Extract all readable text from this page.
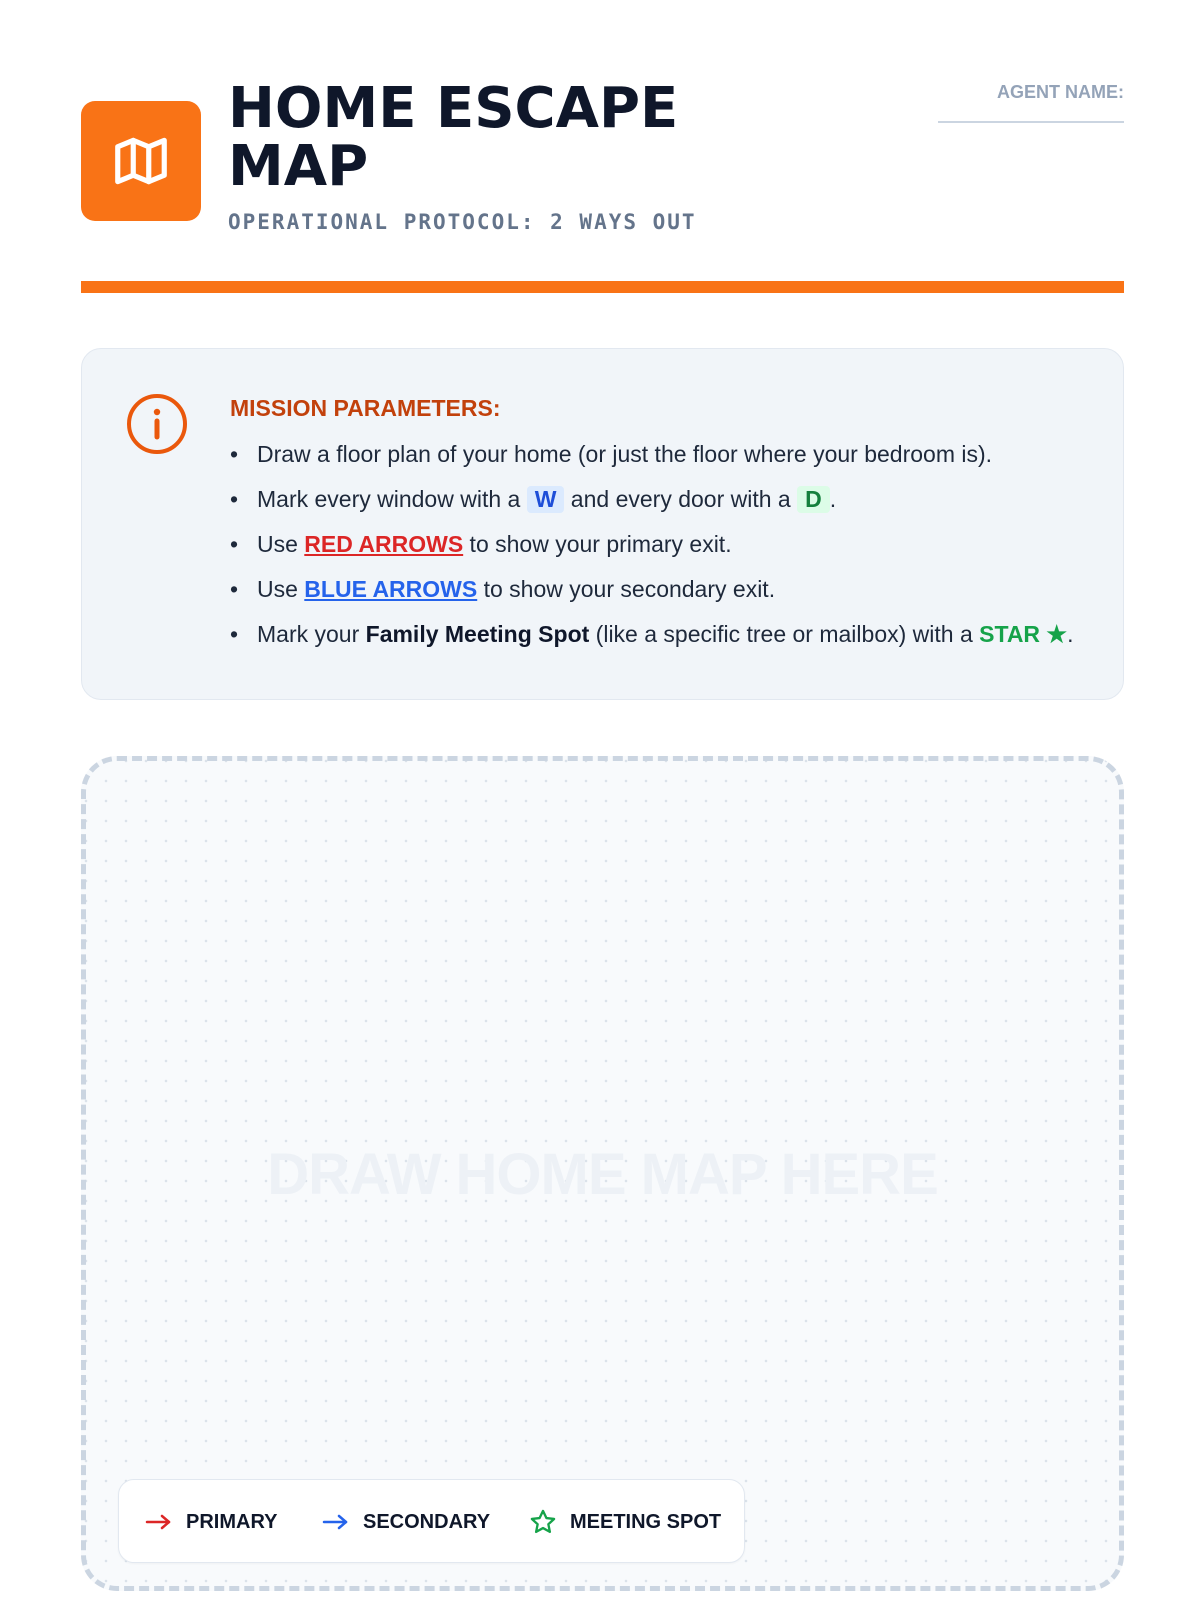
HOME ESCAPE MAP
OPERATIONAL PROTOCOL: 2 WAYS OUT
AGENT NAME:
MISSION PARAMETERS:
• Draw a floor plan of your home (or just the floor where your bedroom is).
• Mark every window with a W and every door with a D .
• Use RED ARROWS to show your primary exit.
• Use BLUE ARROWS to show your secondary exit.
• Mark your Family Meeting Spot (like a specific tree or mailbox) with a STAR ★.
DRAW HOME MAP HERE
PRIMARY	SECONDARY	MEETING SPOT
